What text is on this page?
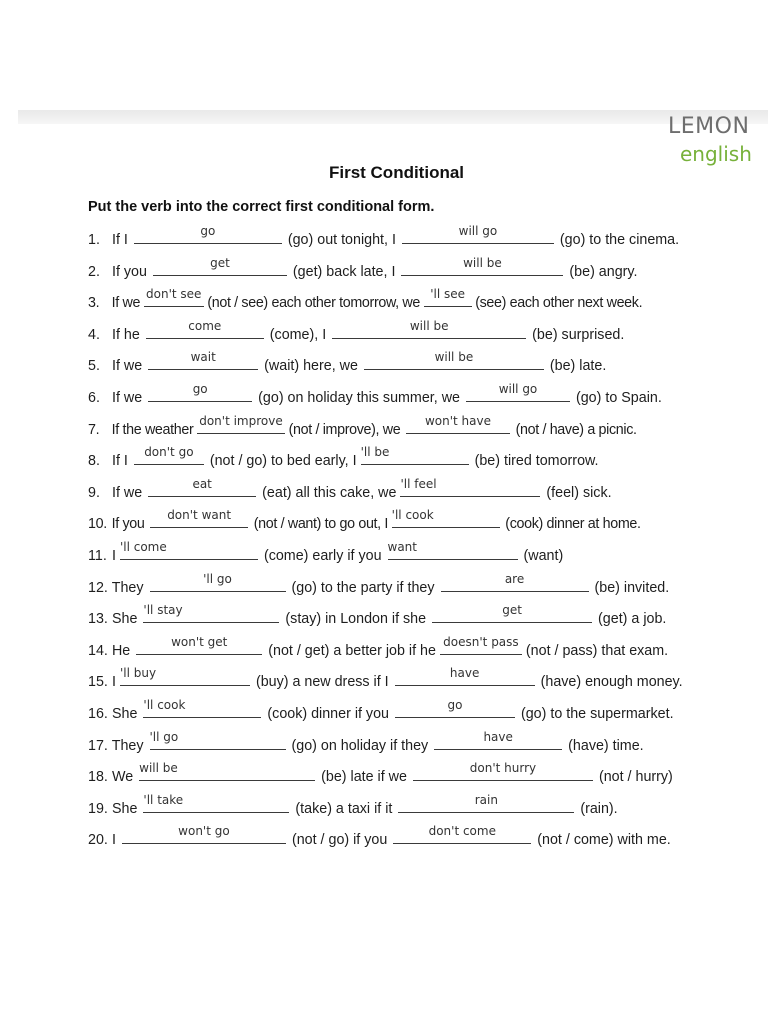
LEMON
english
First Conditional
Put the verb into the correct first conditional form.
1. If I
go
(go) out tonight, I
will go
(go) to the cinema.
2. If you
get
(get) back late, I
will be
(be) angry.
3. If we
don't see
(not / see) each other tomorrow, we
'll see
(see) each other next week.
4. If he
come
(come), I
will be
(be) surprised.
5. If we
wait
(wait) here, we
will be
(be) late.
6. If we
go
(go) on holiday this summer, we
will go
(go) to Spain.
7. If the weather
don't improve
(not / improve), we
won't have
(not / have) a picnic.
8. If I
don't go
(not / go) to bed early, I
'll be
(be) tired tomorrow.
9. If we
eat
(eat) all this cake, we
'll feel
(feel) sick.
10. If you
don't want
(not / want) to go out, I
'll cook
(cook) dinner at home.
11. I
'll come
(come) early if you
want
(want)
12. They
'll go
(go) to the party if they
are
(be) invited.
13. She
'll stay
(stay) in London if she
get
(get) a job.
14. He
won't get
(not / get) a better job if he
doesn't pass
(not / pass) that exam.
15. I
'll buy
(buy) a new dress if I
have
(have) enough money.
16. She
'll cook
(cook) dinner if you
go
(go) to the supermarket.
17. They
'll go
(go) on holiday if they
have
(have) time.
18. We
will be
(be) late if we
don't hurry
(not / hurry)
19. She
'll take
(take) a taxi if it
rain
(rain).
20. I
won't go
(not / go) if you
don't come
(not / come) with me.
